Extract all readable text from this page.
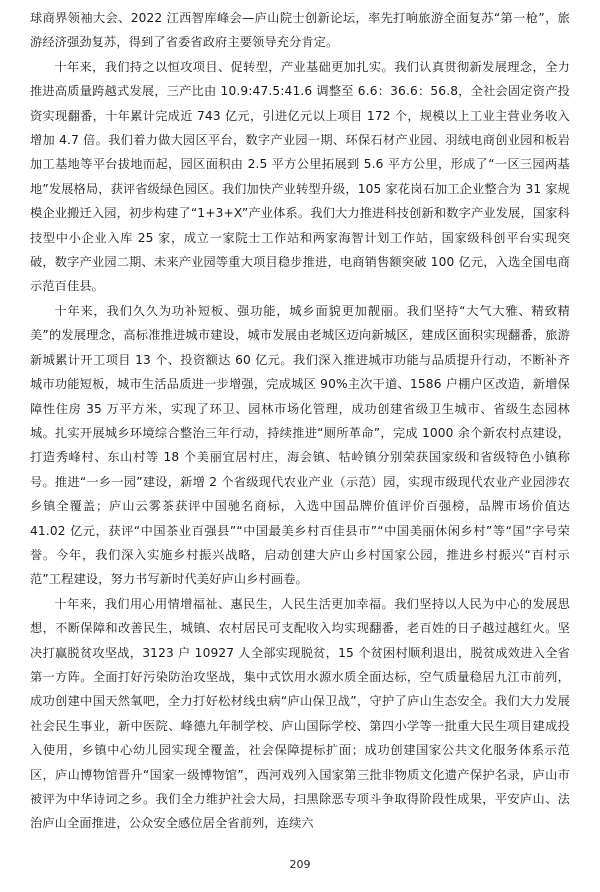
球商界领袖大会、2022 江西智库峰会—庐山院士创新论坛，率先打响旅游全面复苏“第一枪”，旅游经济强劲复苏，得到了省委省政府主要领导充分肯定。

十年来，我们持之以恒攻项目、促转型，产业基础更加扎实。我们认真贯彻新发展理念，全力推进高质量跨越式发展，三产比由 10.9:47.5:41.6 调整至 6.6：36.6：56.8，全社会固定资产投资实现翻番，十年累计完成近 743 亿元，引进亿元以上项目 172 个，规模以上工业主营业务收入增加 4.7 倍。我们着力做大园区平台，数字产业园一期、环保石材产业园、羽绒电商创业园和板岩加工基地等平台拔地而起，园区面积由 2.5 平方公里拓展到 5.6 平方公里，形成了“一区三园两基地”发展格局，获评省级绿色园区。我们加快产业转型升级，105 家花岗石加工企业整合为 31 家规模企业搬迁入园，初步构建了“1+3+X”产业体系。我们大力推进科技创新和数字产业发展，国家科技型中小企业入库 25 家，成立一家院士工作站和两家海智计划工作站，国家级科创平台实现突破，数字产业园二期、未来产业园等重大项目稳步推进，电商销售额突破 100 亿元，入选全国电商示范百佳县。

十年来，我们久久为功补短板、强功能，城乡面貌更加靓丽。我们坚持“大气大雅、精致精美”的发展理念，高标准推进城市建设，城市发展由老城区迈向新城区，建成区面积实现翻番，旅游新城累计开工项目 13 个、投资额达 60 亿元。我们深入推进城市功能与品质提升行动，不断补齐城市功能短板，城市生活品质进一步增强，完成城区 90%主次干道、1586 户棚户区改造，新增保障性住房 35 万平方米，实现了环卫、园林市场化管理，成功创建省级卫生城市、省级生态园林城。扎实开展城乡环境综合整治三年行动，持续推进“厕所革命”，完成 1000 余个新农村点建设，打造秀峰村、东山村等 18 个美丽宜居村庄，海会镇、牯岭镇分别荣获国家级和省级特色小镇称号。推进“一乡一园”建设，新增 2 个省级现代农业产业（示范）园，实现市级现代农业产业园涉农乡镇全覆盖；庐山云雾茶获评中国驰名商标，入选中国品牌价值评价百强榜，品牌市场价值达 41.02 亿元，获评“中国茶业百强县”“中国最美乡村百佳县市”“中国美丽休闲乡村”等“国”字号荣誉。今年，我们深入实施乡村振兴战略，启动创建大庐山乡村国家公园，推进乡村振兴“百村示范”工程建设，努力书写新时代美好庐山乡村画卷。

十年来，我们用心用情增福祉、惠民生，人民生活更加幸福。我们坚持以人民为中心的发展思想，不断保障和改善民生，城镇、农村居民可支配收入均实现翻番，老百姓的日子越过越红火。坚决打赢脱贫攻坚战，3123 户 10927 人全部实现脱贫，15 个贫困村顺利退出，脱贫成效进入全省第一方阵。全面打好污染防治攻坚战，集中式饮用水源水质全面达标，空气质量稳居九江市前列，成功创建中国天然氧吧，全力打好松材线虫病“庐山保卫战”，守护了庐山生态安全。我们大力发展社会民生事业，新中医院、峰德九年制学校、庐山国际学校、第四小学等一批重大民生项目建成投入使用，乡镇中心幼儿园实现全覆盖，社会保障提标扩面；成功创建国家公共文化服务体系示范区，庐山博物馆晋升“国家一级博物馆”，西河戏列入国家第三批非物质文化遗产保护名录，庐山市被评为中华诗词之乡。我们全力维护社会大局，扫黑除恶专项斗争取得阶段性成果，平安庐山、法治庐山全面推进，公众安全感位居全省前列，连续六

209
